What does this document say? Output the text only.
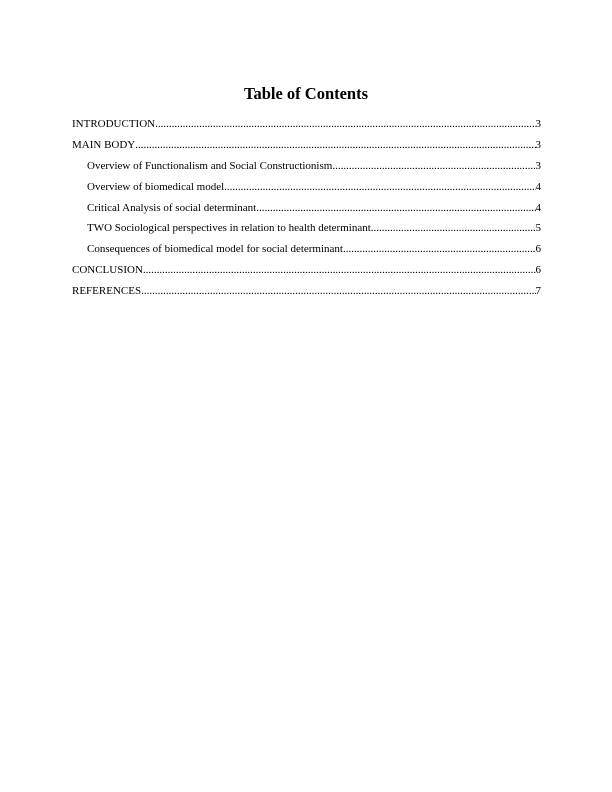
Table of Contents
INTRODUCTION .....	3
MAIN BODY .....	3
Overview of Functionalism and Social Constructionism .....	3
Overview of biomedical model .....	4
Critical Analysis of social determinant .....	4
TWO Sociological perspectives in relation to health determinant .....	5
Consequences of biomedical model for social determinant .....	6
CONCLUSION .....	6
REFERENCES .....	7
